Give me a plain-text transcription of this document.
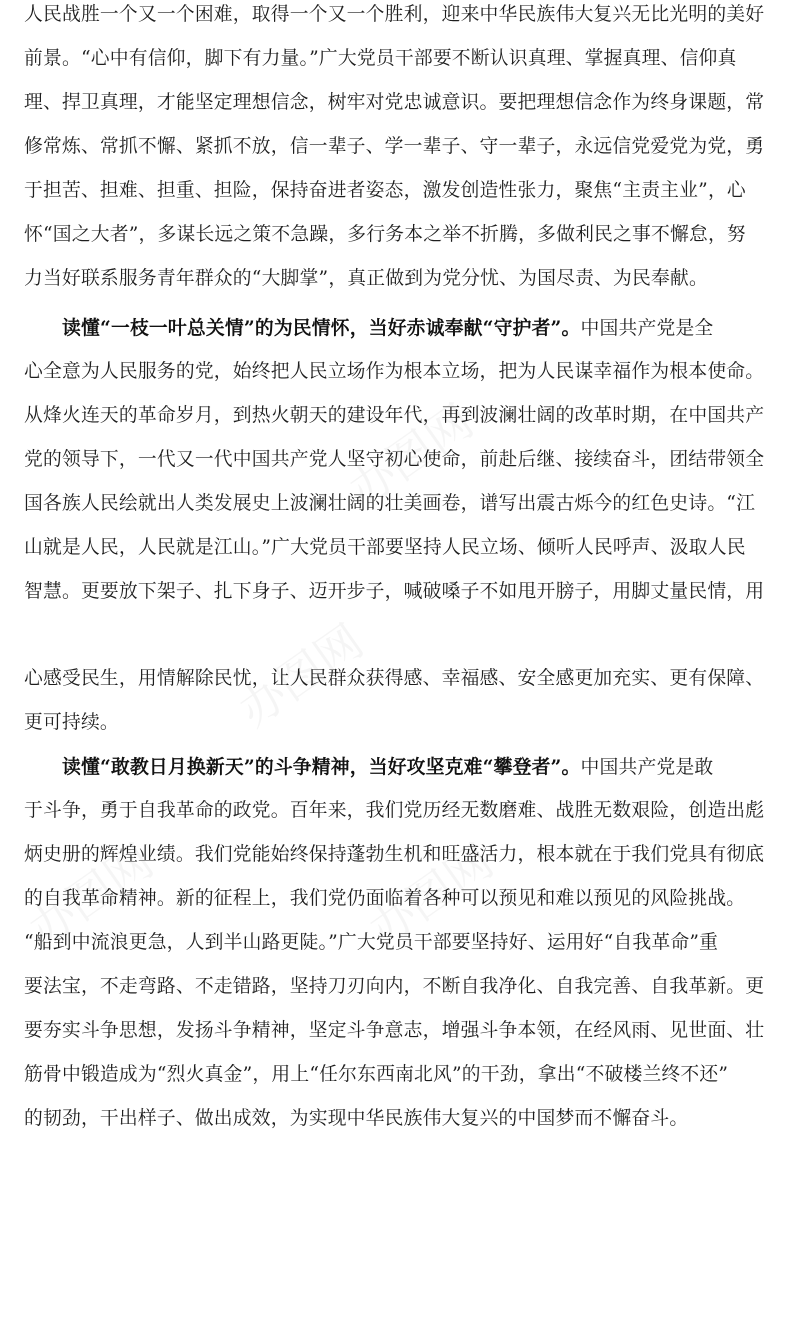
办图网
办图网
办图网
办图网
人民战胜一个又一个困难，取得一个又一个胜利，迎来中华民族伟大复兴无比光明的美好
前景。“心中有信仰，脚下有力量。”广大党员干部要不断认识真理、掌握真理、信仰真
理、捍卫真理，才能坚定理想信念，树牢对党忠诚意识。要把理想信念作为终身课题，常
修常炼、常抓不懈、紧抓不放，信一辈子、学一辈子、守一辈子，永远信党爱党为党，勇
于担苦、担难、担重、担险，保持奋进者姿态，激发创造性张力，聚焦“主责主业”，心
怀“国之大者”，多谋长远之策不急躁，多行务本之举不折腾，多做利民之事不懈怠，努
力当好联系服务青年群众的“大脚掌”，真正做到为党分忧、为国尽责、为民奉献。
读懂“一枝一叶总关情”的为民情怀，当好赤诚奉献“守护者”。中国共产党是全
心全意为人民服务的党，始终把人民立场作为根本立场，把为人民谋幸福作为根本使命。
从烽火连天的革命岁月，到热火朝天的建设年代，再到波澜壮阔的改革时期，在中国共产
党的领导下，一代又一代中国共产党人坚守初心使命，前赴后继、接续奋斗，团结带领全
国各族人民绘就出人类发展史上波澜壮阔的壮美画卷，谱写出震古烁今的红色史诗。“江
山就是人民，人民就是江山。”广大党员干部要坚持人民立场、倾听人民呼声、汲取人民
智慧。更要放下架子、扎下身子、迈开步子，喊破嗓子不如甩开膀子，用脚丈量民情，用
心感受民生，用情解除民忧，让人民群众获得感、幸福感、安全感更加充实、更有保障、
更可持续。
读懂“敢教日月换新天”的斗争精神，当好攻坚克难“攀登者”。中国共产党是敢
于斗争，勇于自我革命的政党。百年来，我们党历经无数磨难、战胜无数艰险，创造出彪
炳史册的辉煌业绩。我们党能始终保持蓬勃生机和旺盛活力，根本就在于我们党具有彻底
的自我革命精神。新的征程上，我们党仍面临着各种可以预见和难以预见的风险挑战。
“船到中流浪更急，人到半山路更陡。”广大党员干部要坚持好、运用好“自我革命”重
要法宝，不走弯路、不走错路，坚持刀刃向内，不断自我净化、自我完善、自我革新。更
要夯实斗争思想，发扬斗争精神，坚定斗争意志，增强斗争本领，在经风雨、见世面、壮
筋骨中锻造成为“烈火真金”，用上“任尔东西南北风”的干劲，拿出“不破楼兰终不还”
的韧劲，干出样子、做出成效，为实现中华民族伟大复兴的中国梦而不懈奋斗。
